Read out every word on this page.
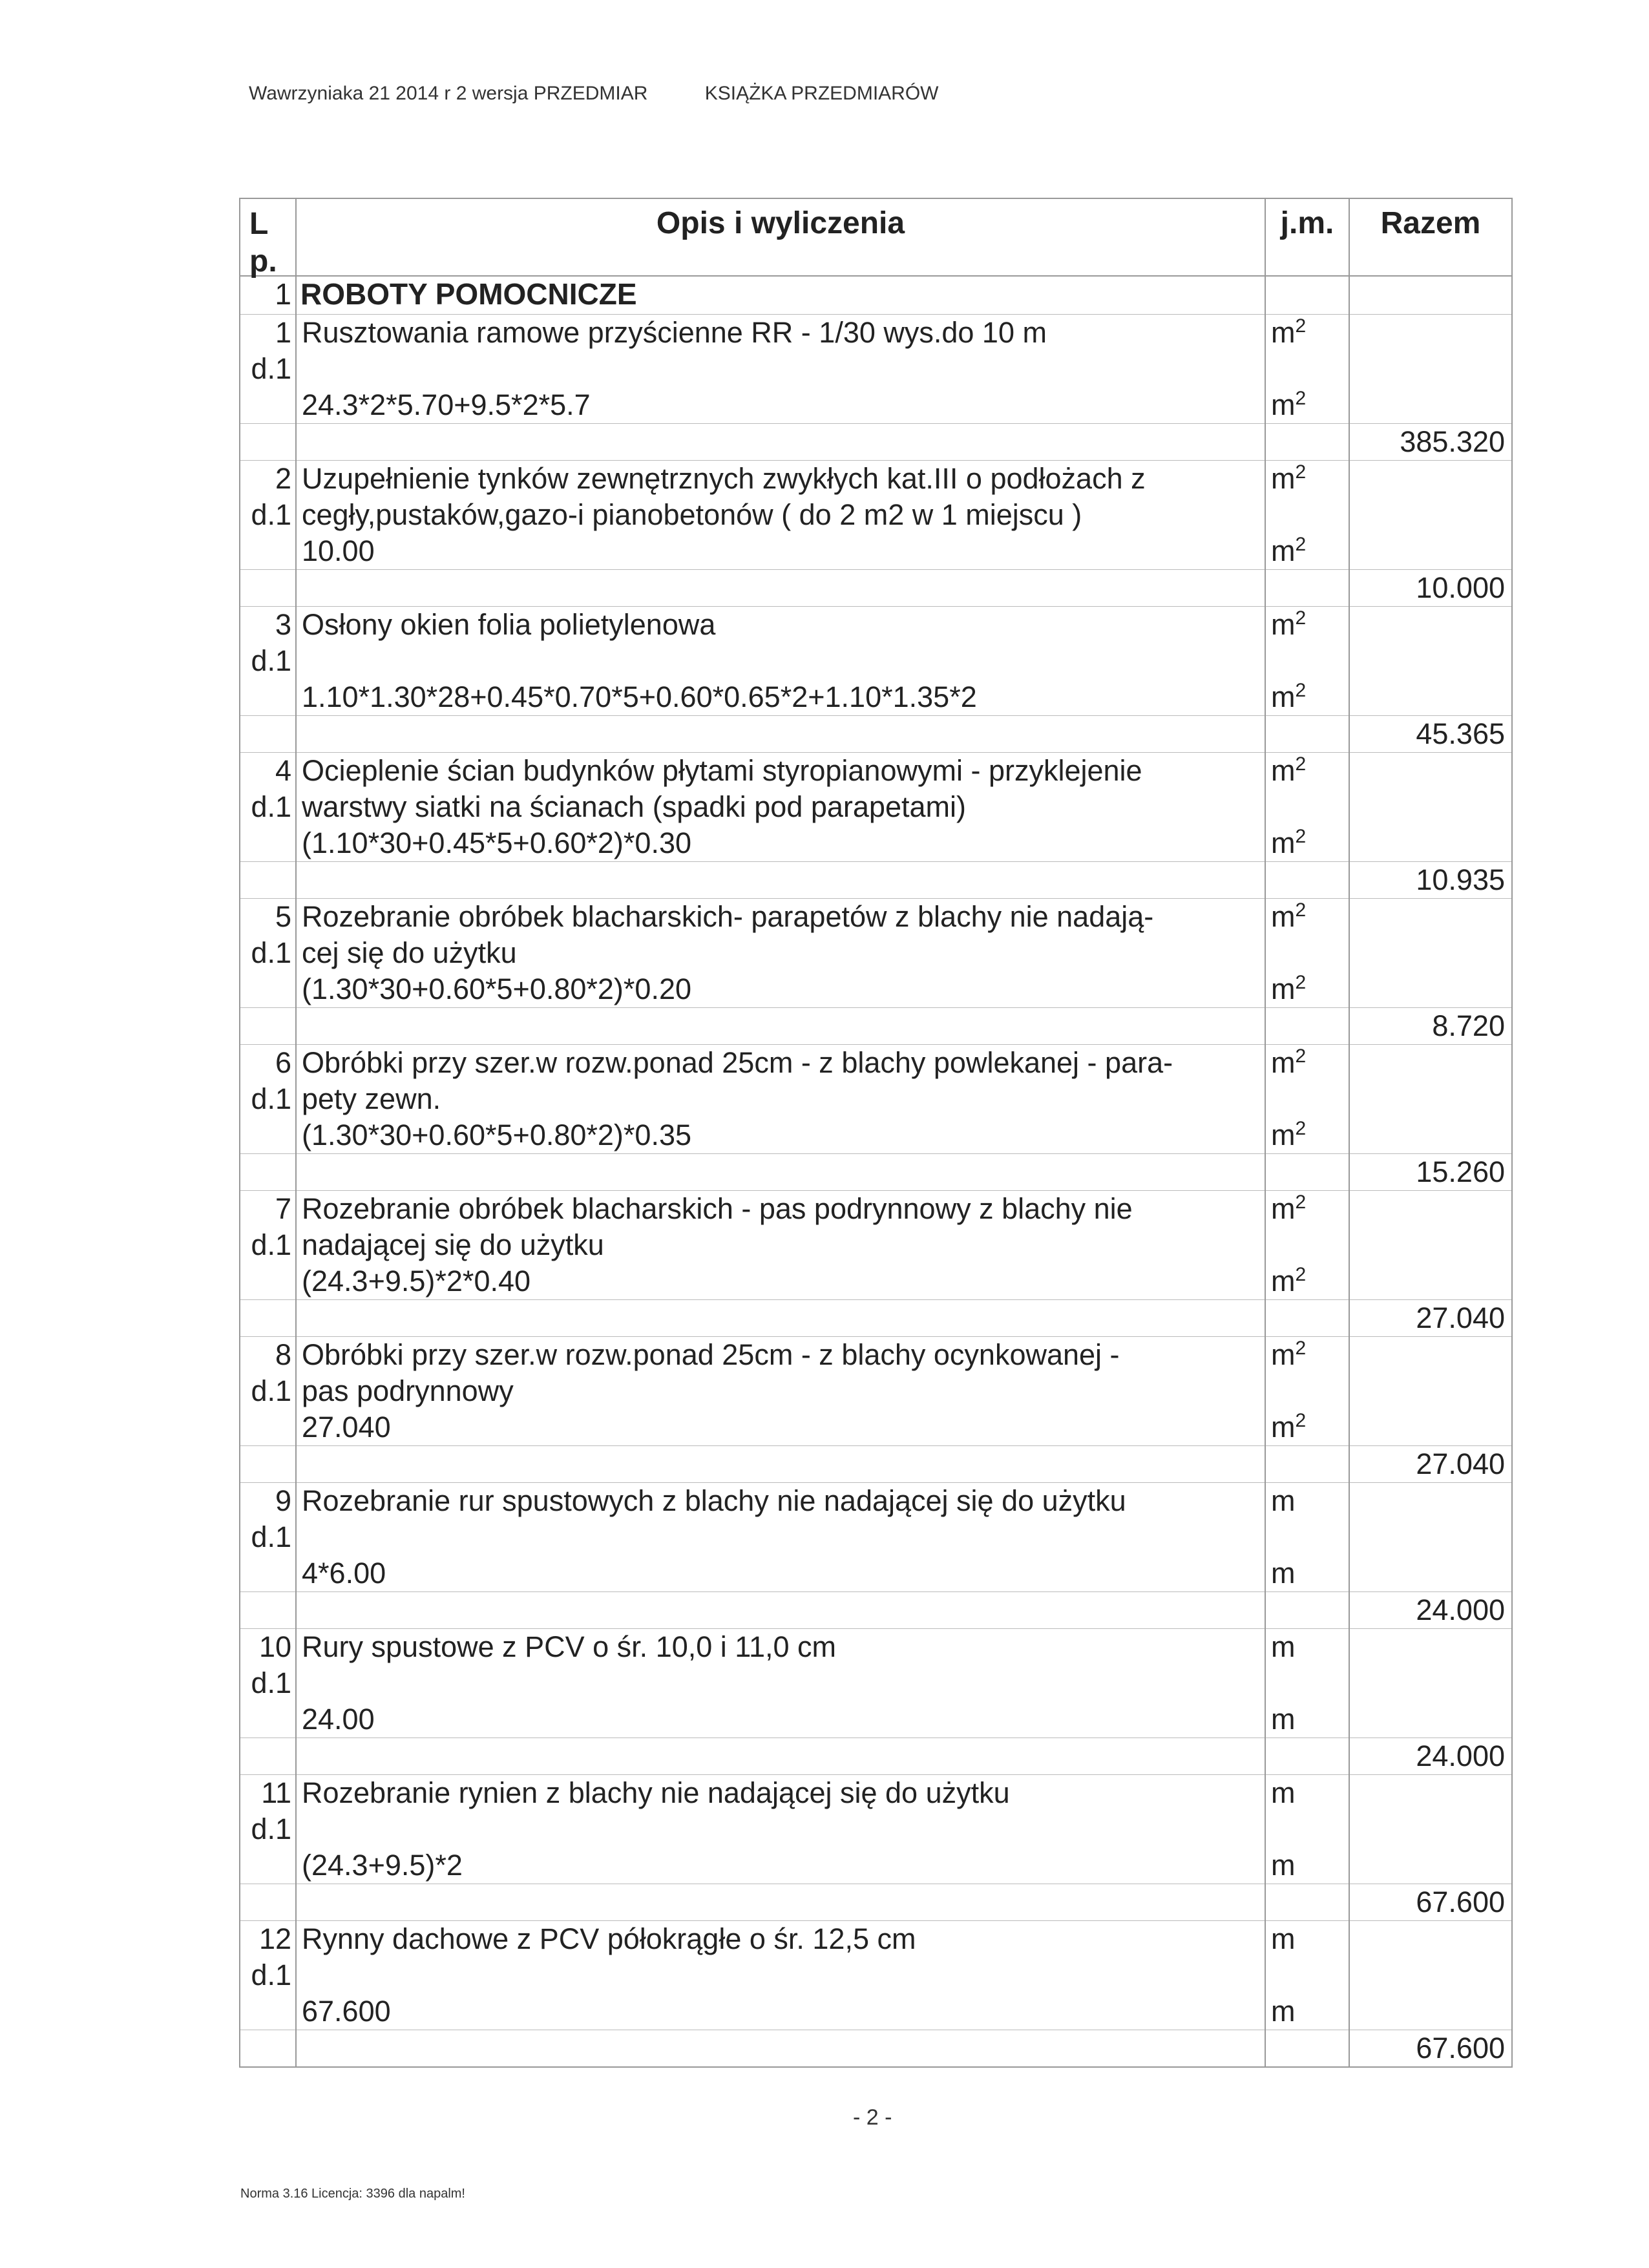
Wawrzyniaka 21 2014 r 2 wersja PRZEDMIAR	KSIĄŻKA PRZEDMIARÓW
L p.	Opis i wyliczenia	j.m.	Razem

1	ROBOTY POMOCNICZE		
1	Rusztowania ramowe przyścienne RR - 1/30 wys.do 10 m	$m^2$	
d.1			
	24.3*2*5.70+9.5*2*5.7	$m^2$	
			385.320
2	Uzupełnienie tynków zewnętrznych zwykłych kat.III o podłożach z	$m^2$	
d.1	cegły,pustaków,gazo-i pianobetonów ( do 2 m2 w 1 miejscu )		
	10.00	$m^2$	
			10.000
3	Osłony okien folia polietylenowa	$m^2$	
d.1			
	1.10*1.30*28+0.45*0.70*5+0.60*0.65*2+1.10*1.35*2	$m^2$	
			45.365
4	Ocieplenie ścian budynków płytami styropianowymi - przyklejenie	$m^2$	
d.1	warstwy siatki na ścianach (spadki pod parapetami)		
	(1.10*30+0.45*5+0.60*2)*0.30	$m^2$	
			10.935
5	Rozebranie obróbek blacharskich- parapetów z blachy nie nadają-	$m^2$	
d.1	cej się do użytku		
	(1.30*30+0.60*5+0.80*2)*0.20	$m^2$	
			8.720
6	Obróbki przy szer.w rozw.ponad 25cm - z blachy powlekanej - para-	$m^2$	
d.1	pety zewn.		
	(1.30*30+0.60*5+0.80*2)*0.35	$m^2$	
			15.260
7	Rozebranie obróbek blacharskich - pas podrynnowy z blachy nie	$m^2$	
d.1	nadającej się do użytku		
	(24.3+9.5)*2*0.40	$m^2$	
			27.040
8	Obróbki przy szer.w rozw.ponad 25cm - z blachy ocynkowanej -	$m^2$	
d.1	pas podrynnowy		
	27.040	$m^2$	
			27.040
9	Rozebranie rur spustowych z blachy nie nadającej się do użytku	m	
d.1			
	4*6.00	m	
			24.000
10	Rury spustowe z PCV o śr. 10,0 i 11,0 cm	m	
d.1			
	24.00	m	
			24.000
11	Rozebranie rynien z blachy nie nadającej się do użytku	m	
d.1			
	(24.3+9.5)*2	m	
			67.600
12	Rynny dachowe z PCV półokrągłe o śr. 12,5 cm	m	
d.1			
	67.600	m	
			67.600
- 2 -
Norma 3.16 Licencja: 3396 dla napalm!
